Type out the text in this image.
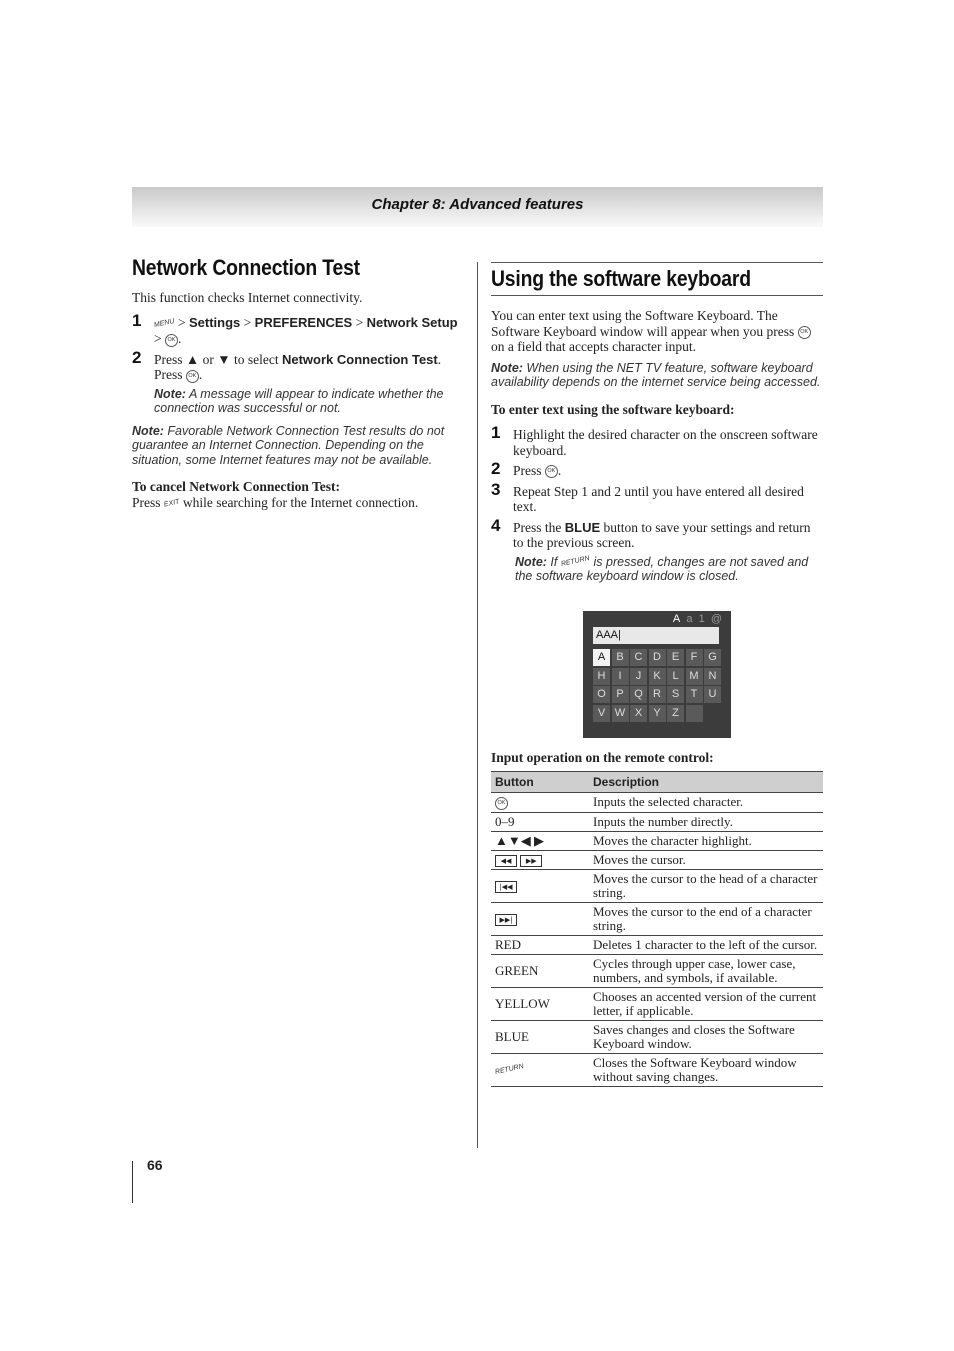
Chapter 8: Advanced features
Network Connection Test

This function checks Internet connectivity.

1 MENU > Settings > PREFERENCES > Network Setup > OK .
2 Press ▲ or ▼ to select Network Connection Test. Press OK .

Note: A message will appear to indicate whether the connection was successful or not.

Note: Favorable Network Connection Test results do not guarantee an Internet Connection. Depending on the situation, some Internet features may not be available.

To cancel Network Connection Test:

Press EXIT while searching for the Internet connection.

Using the software keyboard

You can enter text using the Software Keyboard. The Software Keyboard window will appear when you press OK on a field that accepts character input.

Note: When using the NET TV feature, software keyboard availability depends on the internet service being accessed.

To enter text using the software keyboard:

1 Highlight the desired character on the onscreen software keyboard.
2 Press OK .
3 Repeat Step 1 and 2 until you have entered all desired text.
4 Press the BLUE button to save your settings and return to the previous screen.

Note: If RETURN is pressed, changes are not saved and the software keyboard window is closed.

A a 1 @
AAA|
A	B C D E	F G
H	I	J	K	L M N
O P Q R S	T	U
V W X	Y	Z

Input operation on the remote control:

Button	Description
OK	Inputs the selected character.
0–9	Inputs the number directly.
▲▼◀ ▶	Moves the character highlight.
◀◀ ▶▶	Moves the cursor.
|◀◀	Moves the cursor to the head of a character string.
▶▶|	Moves the cursor to the end of a character string.
RED	Deletes 1 character to the left of the cursor.
GREEN	Cycles through upper case, lower case, numbers, and symbols, if available.
YELLOW	Chooses an accented version of the current letter, if applicable.
BLUE	Saves changes and closes the Software Keyboard window.
RETURN	Closes the Software Keyboard window without saving changes.
66
